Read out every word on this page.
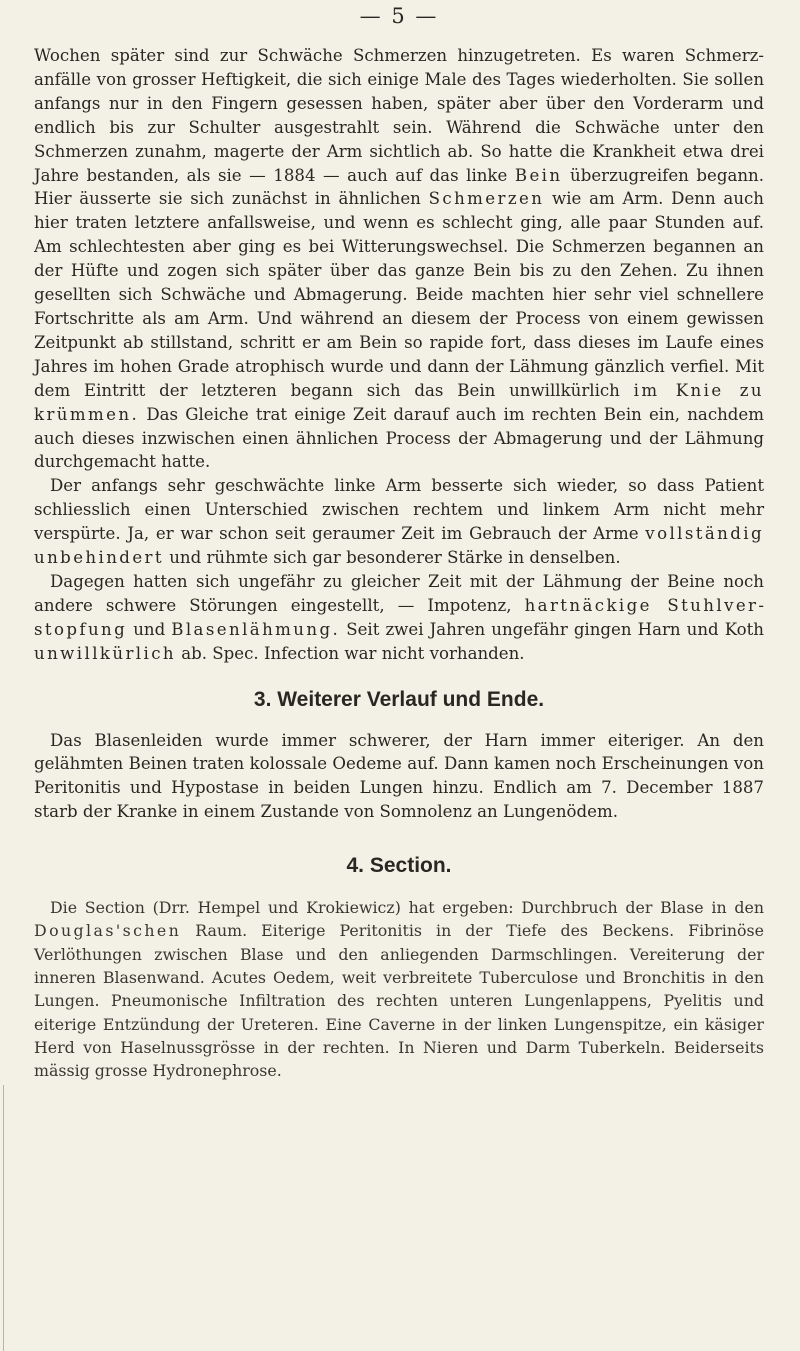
— 5 —

Wochen später sind zur Schwäche Schmerzen hinzugetreten. Es waren Schmerzanfälle von grosser Heftigkeit, die sich einige Male des Tages wiederholten. Sie sollen anfangs nur in den Fingern gesessen haben, später aber über den Vorderarm und endlich bis zur Schulter ausgestrahlt sein. Während die Schwäche unter den Schmerzen zunahm, magerte der Arm sichtlich ab. So hatte die Krankheit etwa drei Jahre bestanden, als sie — 1884 — auch auf das linke Bein überzugreifen begann. Hier äusserte sie sich zunächst in ähnlichen Schmerzen wie am Arm. Denn auch hier traten letztere anfallsweise, und wenn es schlecht ging, alle paar Stunden auf. Am schlechtesten aber ging es bei Witterungswechsel. Die Schmerzen begannen an der Hüfte und zogen sich später über das ganze Bein bis zu den Zehen. Zu ihnen gesellten sich Schwäche und Abmagerung. Beide machten hier sehr viel schnellere Fortschritte als am Arm. Und während an diesem der Process von einem gewissen Zeitpunkt ab stillstand, schritt er am Bein so rapide fort, dass dieses im Laufe eines Jahres im hohen Grade atrophisch wurde und dann der Lähmung gänzlich verfiel. Mit dem Eintritt der letzteren begann sich das Bein unwillkürlich im Knie zu krümmen. Das Gleiche trat einige Zeit darauf auch im rechten Bein ein, nachdem auch dieses inzwischen einen ähnlichen Process der Abmagerung und der Lähmung durchgemacht hatte.

Der anfangs sehr geschwächte linke Arm besserte sich wieder, so dass Patient schliesslich einen Unterschied zwischen rechtem und linkem Arm nicht mehr verspürte. Ja, er war schon seit geraumer Zeit im Gebrauch der Arme vollständig unbehindert und rühmte sich gar besonderer Stärke in denselben.

Dagegen hatten sich ungefähr zu gleicher Zeit mit der Lähmung der Beine noch andere schwere Störungen eingestellt, — Impotenz, hartnäckige Stuhlverstopfung und Blasenlähmung. Seit zwei Jahren ungefähr gingen Harn und Koth unwillkürlich ab. Spec. Infection war nicht vorhanden.

3. Weiterer Verlauf und Ende.

Das Blasenleiden wurde immer schwerer, der Harn immer eiteriger. An den gelähmten Beinen traten kolossale Oedeme auf. Dann kamen noch Erscheinungen von Peritonitis und Hypostase in beiden Lungen hinzu. Endlich am 7. December 1887 starb der Kranke in einem Zustande von Somnolenz an Lungenödem.

4. Section.

Die Section (Drr. Hempel und Krokiewicz) hat ergeben: Durchbruch der Blase in den Douglas'schen Raum. Eiterige Peritonitis in der Tiefe des Beckens. Fibrinöse Verlöthungen zwischen Blase und den anliegenden Darmschlingen. Vereiterung der inneren Blasenwand. Acutes Oedem, weit verbreitete Tuberculose und Bronchitis in den Lungen. Pneumonische Infiltration des rechten unteren Lungenlappens, Pyelitis und eiterige Entzündung der Ureteren. Eine Caverne in der linken Lungenspitze, ein käsiger Herd von Haselnussgrösse in der rechten. In Nieren und Darm Tuberkeln. Beiderseits mässig grosse Hydronephrose.
